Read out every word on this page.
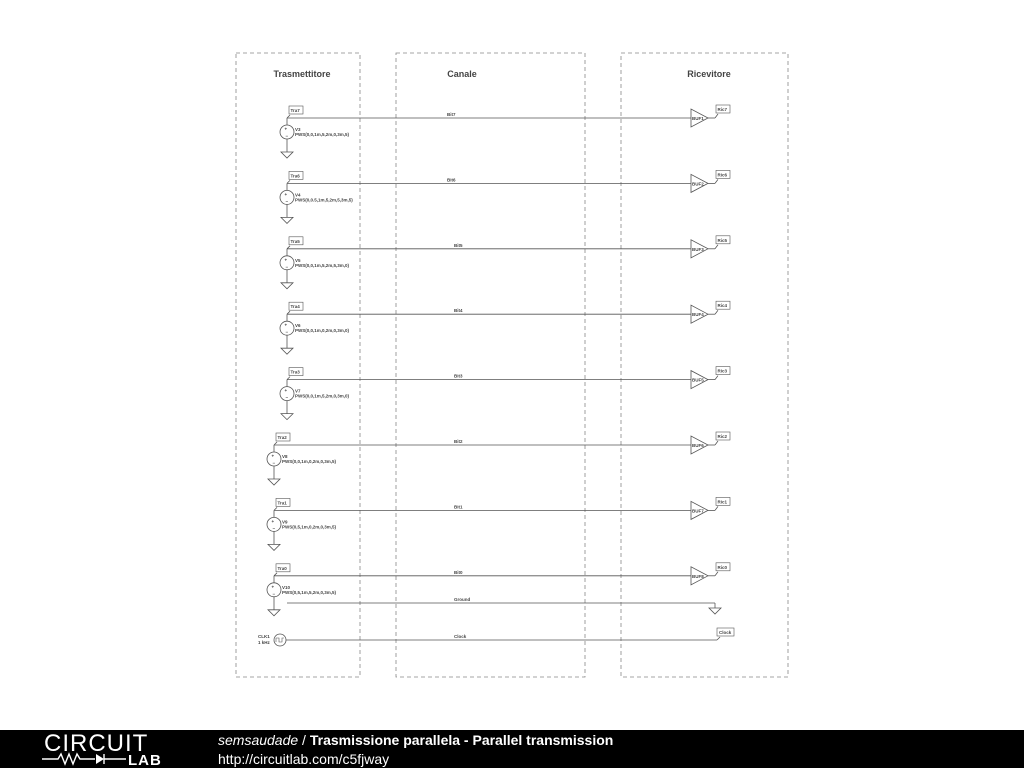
Trasmettitore	Canale	Ricevitore
Tra7
+
−
V3
PWS(0,0,1m,5,2m,0,3m,5)
Bit7
BUF1
Ric7
Tra6
+
−
V4
PWS(0,0.5,1m,5,2m,5,3m,5)
Bit6
BUF2
Ric6
Tra5
+
−
V5
PWS(0,0,1m,5,2m,5,3m,0)
Bit5
BUF3
Ric5
Tra4
+
−
V6
PWS(0,0,1m,0,2m,0,3m,0)
Bit4
BUF4
Ric4
Tra3
+
−
V7
PWS(0,0,1m,5,2m,0,3m,0)
Bit3
BUF5
Ric3
Tra2
+
−
V8
PWS(0,0,1m,0,2m,0,3m,5)
Bit2
BUF6
Ric2
Tra1
+
−
V9
PWS(0,5,1m,0,2m,0,3m,5)
Bit1
BUF7
Ric1
Tra0
+
−
V10
PWS(0,5,1m,5,2m,0,3m,5)
Bit0
BUF8
Ric0
Ground
CLK1
1 kHz
Clock
Clock
CIRCUIT
LAB
semsaudade / Trasmissione parallela - Parallel transmission
http://circuitlab.com/c5fjway
